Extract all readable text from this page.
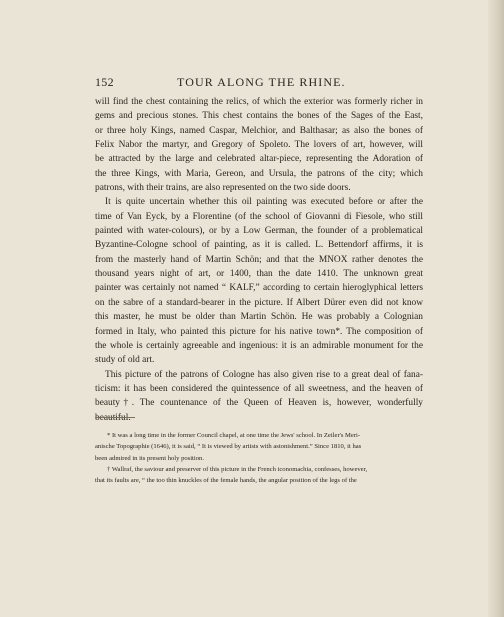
152	TOUR ALONG THE RHINE.
will find the chest containing the relics, of which the exterior was formerly richer in
gems and precious stones. This chest contains the bones of the Sages of the East,
or three holy Kings, named Caspar, Melchior, and Balthasar; as also the bones of
Felix Nabor the martyr, and Gregory of Spoleto. The lovers of art, however, will
be attracted by the large and celebrated altar-piece, representing the Adoration of
the three Kings, with Maria, Gereon, and Ursula, the patrons of the city; which
patrons, with their trains, are also represented on the two side doors.
It is quite uncertain whether this oil painting was executed before or after the
time of Van Eyck, by a Florentine (of the school of Giovanni di Fiesole, who still
painted with water-colours), or by a Low German, the founder of a problematical
Byzantine-Cologne school of painting, as it is called. L. Bettendorf affirms, it is
from the masterly hand of Martin Schön; and that the MNOX rather denotes the
thousand years night of art, or 1400, than the date 1410. The unknown great
painter was certainly not named “ KALF,” according to certain hieroglyphical letters
on the sabre of a standard-bearer in the picture. If Albert Dürer even did not know
this master, he must be older than Martin Schön. He was probably a Colognian
formed in Italy, who painted this picture for his native town*. The composition of
the whole is certainly agreeable and ingenious: it is an admirable monument for the
study of old art.
This picture of the patrons of Cologne has also given rise to a great deal of fana-
ticism: it has been considered the quintessence of all sweetness, and the heaven of
beauty†. The countenance of the Queen of Heaven is, however, wonderfully
beautiful.
* It was a long time in the former Council chapel, at one time the Jews' school. In Zeiler's Meri-
anische Topographie (1646), it is said, “ It is viewed by artists with astonishment.” Since 1810, it has
been admired in its present holy position.
† Wallraf, the saviour and preserver of this picture in the French iconomachia, confesses, however,
that its faults are, “ the too thin knuckles of the female hands, the angular position of the legs of the
